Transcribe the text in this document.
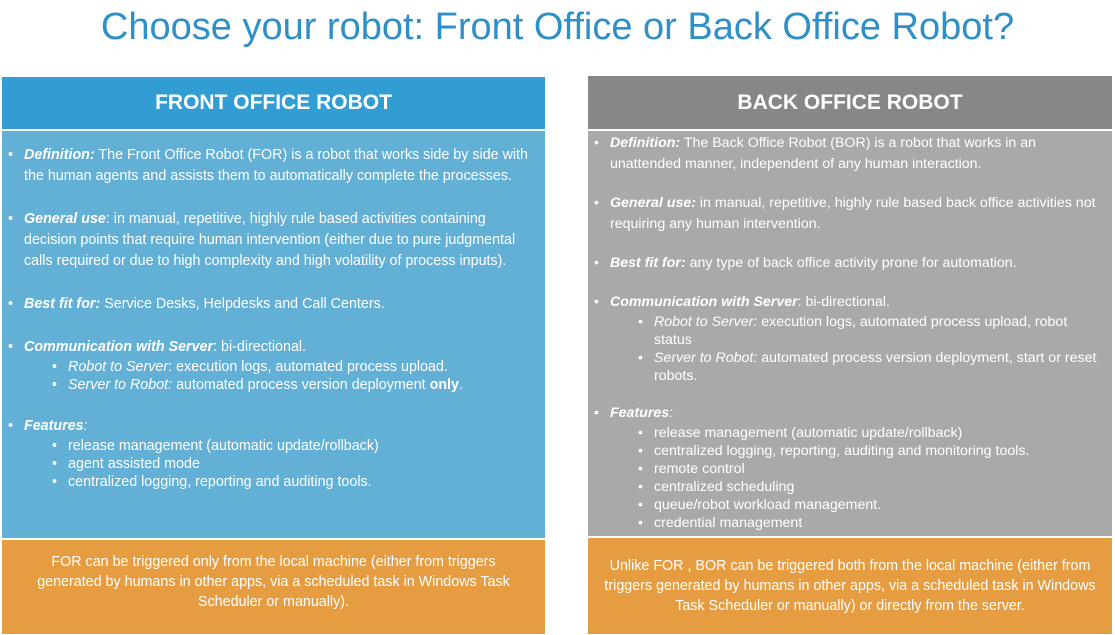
Choose your robot: Front Office or Back Office Robot?
FRONT OFFICE ROBOT
• Definition: The Front Office Robot (FOR) is a robot that works side by side with the human agents and assists them to automatically complete the processes.
• General use: in manual, repetitive, highly rule based activities containing decision points that require human intervention (either due to pure judgmental calls required or due to high complexity and high volatility of process inputs).
• Best fit for: Service Desks, Helpdesks and Call Centers.
• Communication with Server: bi-directional.
• Robot to Server: execution logs, automated process upload.
• Server to Robot: automated process version deployment only.
• Features:
• release management (automatic update/rollback)
• agent assisted mode
• centralized logging, reporting and auditing tools.
FOR can be triggered only from the local machine (either from triggers generated by humans in other apps, via a scheduled task in Windows Task Scheduler or manually).
BACK OFFICE ROBOT
• Definition: The Back Office Robot (BOR) is a robot that works in an unattended manner, independent of any human interaction.
• General use: in manual, repetitive, highly rule based back office activities not requiring any human intervention.
• Best fit for: any type of back office activity prone for automation.
• Communication with Server: bi-directional.
• Robot to Server: execution logs, automated process upload, robot status
• Server to Robot: automated process version deployment, start or reset robots.
• Features:
• release management (automatic update/rollback)
• centralized logging, reporting, auditing and monitoring tools.
• remote control
• centralized scheduling
• queue/robot workload management.
• credential management
Unlike FOR , BOR can be triggered both from the local machine (either from triggers generated by humans in other apps, via a scheduled task in Windows Task Scheduler or manually) or directly from the server.
